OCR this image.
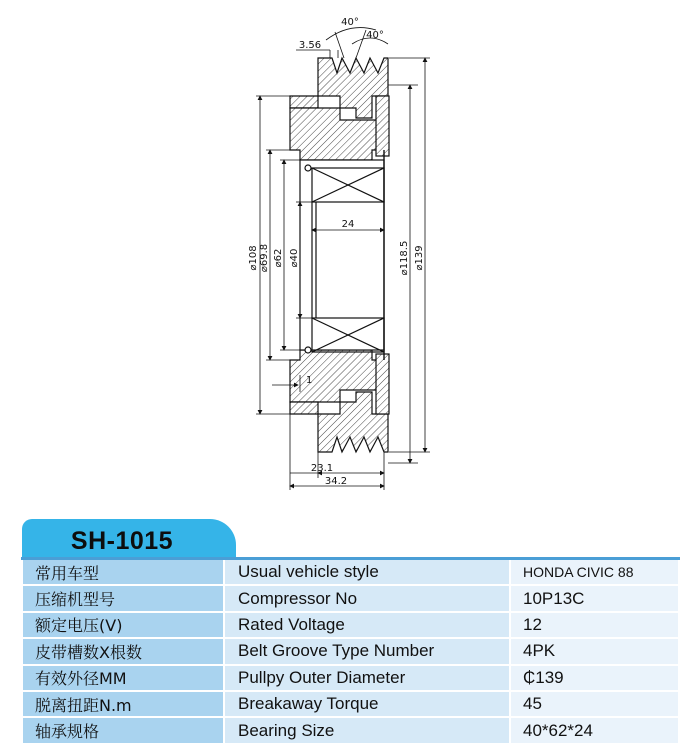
40°
40°
3.56
24
⌀108 ⌀69.8 ⌀62 ⌀40	⌀118.5 ⌀139
1
23.1
34.2
SH-1015
常用车型	Usual vehicle style	HONDA CIVIC 88
压缩机型号	Compressor No	10P13C
额定电压(V)	Rated Voltage	12
皮带槽数X根数	Belt Groove Type Number	4PK
有效外径MM	Pullpy Outer Diameter	₵139
脱离扭距N.m	Breakaway Torque	45
轴承规格	Bearing Size	40*62*24
